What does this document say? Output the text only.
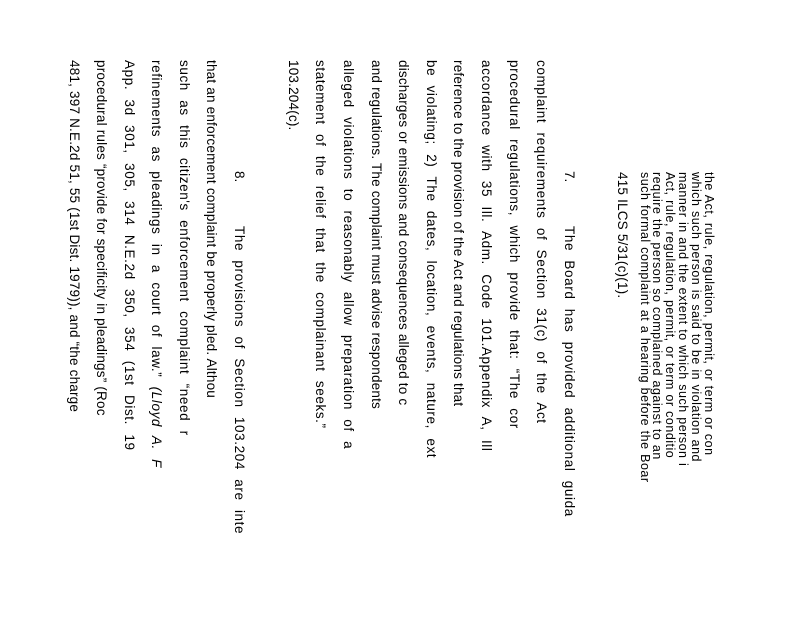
the Act, rule, regulation, permit, or term or con
which such person is said to be in violation and
manner in and the extent to which such person i
Act, rule, regulation, permit, or term or conditio
require the person so complained against to an
such formal complaint at a hearing before the Boar
415 ILCS 5/31(c)(1).
7.
The Board has provided additional guida
complaint requirements of Section 31(c) of the Act
procedural regulations, which provide that: “The cor
accordance with 35 Ill. Adm. Code 101.Appendix A, Ill
reference to the provision of the Act and regulations that
be violating; 2) The dates, location, events, nature, ext
discharges or emissions and consequences alleged to c
and regulations. The complaint must advise respondents
alleged violations to reasonably allow preparation of a
statement of the relief that the complainant seeks.”
103.204(c).
8.
The provisions of Section 103.204 are inte
that an enforcement complaint be properly pled. Althou
such as this citizen's enforcement complaint “need r
refinements as pleadings in a court of law.” (Lloyd A. F
App. 3d 301, 305, 314 N.E.2d 350, 354 (1st Dist. 19
procedural rules “provide for specificity in pleadings” (Roc
481, 397 N.E.2d 51, 55 (1st Dist. 1979)), and “the charge
